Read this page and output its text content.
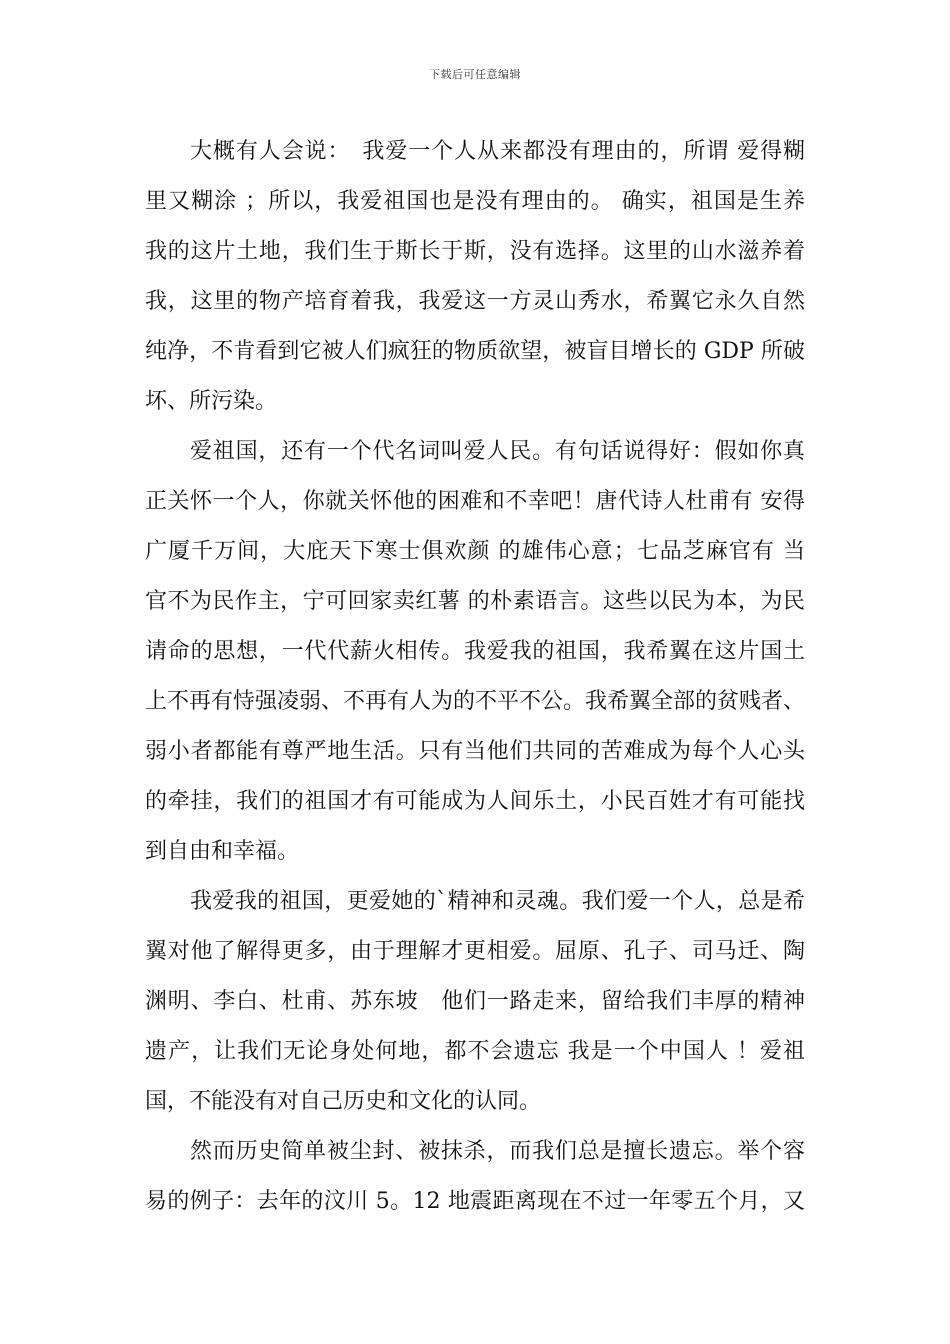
下载后可任意编辑
大概有人会说：　我爱一个人从来都没有理由的，所谓 爱得糊
里又糊涂 ；所以，我爱祖国也是没有理由的。 确实，祖国是生养
我的这片土地，我们生于斯长于斯，没有选择。这里的山水滋养着
我，这里的物产培育着我，我爱这一方灵山秀水，希翼它永久自然
纯净，不肯看到它被人们疯狂的物质欲望，被盲目增长的 GDP 所破
坏、所污染。
爱祖国，还有一个代名词叫爱人民。有句话说得好：假如你真
正关怀一个人，你就关怀他的困难和不幸吧！唐代诗人杜甫有 安得
广厦千万间，大庇天下寒士俱欢颜 的雄伟心意；七品芝麻官有 当
官不为民作主，宁可回家卖红薯 的朴素语言。这些以民为本，为民
请命的思想，一代代薪火相传。我爱我的祖国，我希翼在这片国土
上不再有恃强凌弱、不再有人为的不平不公。我希翼全部的贫贱者、
弱小者都能有尊严地生活。只有当他们共同的苦难成为每个人心头
的牵挂，我们的祖国才有可能成为人间乐土，小民百姓才有可能找
到自由和幸福。
我爱我的祖国，更爱她的`精神和灵魂。我们爱一个人，总是希
翼对他了解得更多，由于理解才更相爱。屈原、孔子、司马迁、陶
渊明、李白、杜甫、苏东坡　他们一路走来，留给我们丰厚的精神
遗产，让我们无论身处何地，都不会遗忘 我是一个中国人 ！爱祖
国，不能没有对自己历史和文化的认同。
然而历史简单被尘封、被抹杀，而我们总是擅长遗忘。举个容
易的例子：去年的汶川 5。12 地震距离现在不过一年零五个月，又
